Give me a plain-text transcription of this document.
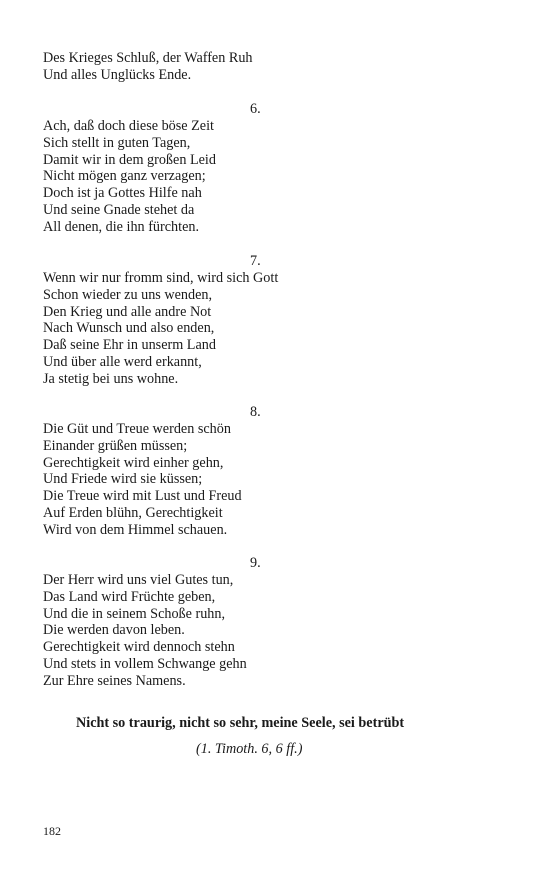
Des Krieges Schluß, der Waffen Ruh
Und alles Unglücks Ende.
6.
Ach, daß doch diese böse Zeit
Sich stellt in guten Tagen,
Damit wir in dem großen Leid
Nicht mögen ganz verzagen;
Doch ist ja Gottes Hilfe nah
Und seine Gnade stehet da
All denen, die ihn fürchten.
7.
Wenn wir nur fromm sind, wird sich Gott
Schon wieder zu uns wenden,
Den Krieg und alle andre Not
Nach Wunsch und also enden,
Daß seine Ehr in unserm Land
Und über alle werd erkannt,
Ja stetig bei uns wohne.
8.
Die Güt und Treue werden schön
Einander grüßen müssen;
Gerechtigkeit wird einher gehn,
Und Friede wird sie küssen;
Die Treue wird mit Lust und Freud
Auf Erden blühn, Gerechtigkeit
Wird von dem Himmel schauen.
9.
Der Herr wird uns viel Gutes tun,
Das Land wird Früchte geben,
Und die in seinem Schoße ruhn,
Die werden davon leben.
Gerechtigkeit wird dennoch stehn
Und stets in vollem Schwange gehn
Zur Ehre seines Namens.
Nicht so traurig, nicht so sehr, meine Seele, sei betrübt
(1. Timoth. 6, 6 ff.)
182
